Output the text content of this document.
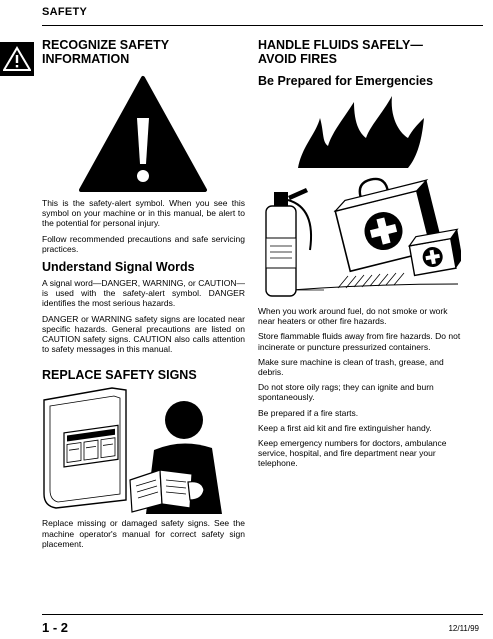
SAFETY
RECOGNIZE SAFETY INFORMATION

This is the safety-alert symbol. When you see this symbol on your machine or in this manual, be alert to the potential for personal injury.

Follow recommended precautions and safe servicing practices.

Understand Signal Words

A signal word—DANGER, WARNING, or CAUTION—is used with the safety-alert symbol. DANGER identifies the most serious hazards.

DANGER or WARNING safety signs are located near specific hazards. General precautions are listed on CAUTION safety signs. CAUTION also calls attention to safety messages in this manual.

REPLACE SAFETY SIGNS

Replace missing or damaged safety signs. See the machine operator's manual for correct safety sign placement.

HANDLE FLUIDS SAFELY—AVOID FIRES
Be Prepared for Emergencies

When you work around fuel, do not smoke or work near heaters or other fire hazards.

Store flammable fluids away from fire hazards. Do not incinerate or puncture pressurized containers.

Make sure machine is clean of trash, grease, and debris.

Do not store oily rags; they can ignite and burn spontaneously.

Be prepared if a fire starts.

Keep a first aid kit and fire extinguisher handy.

Keep emergency numbers for doctors, ambulance service, hospital, and fire department near your telephone.

1 - 2	12/11/99
